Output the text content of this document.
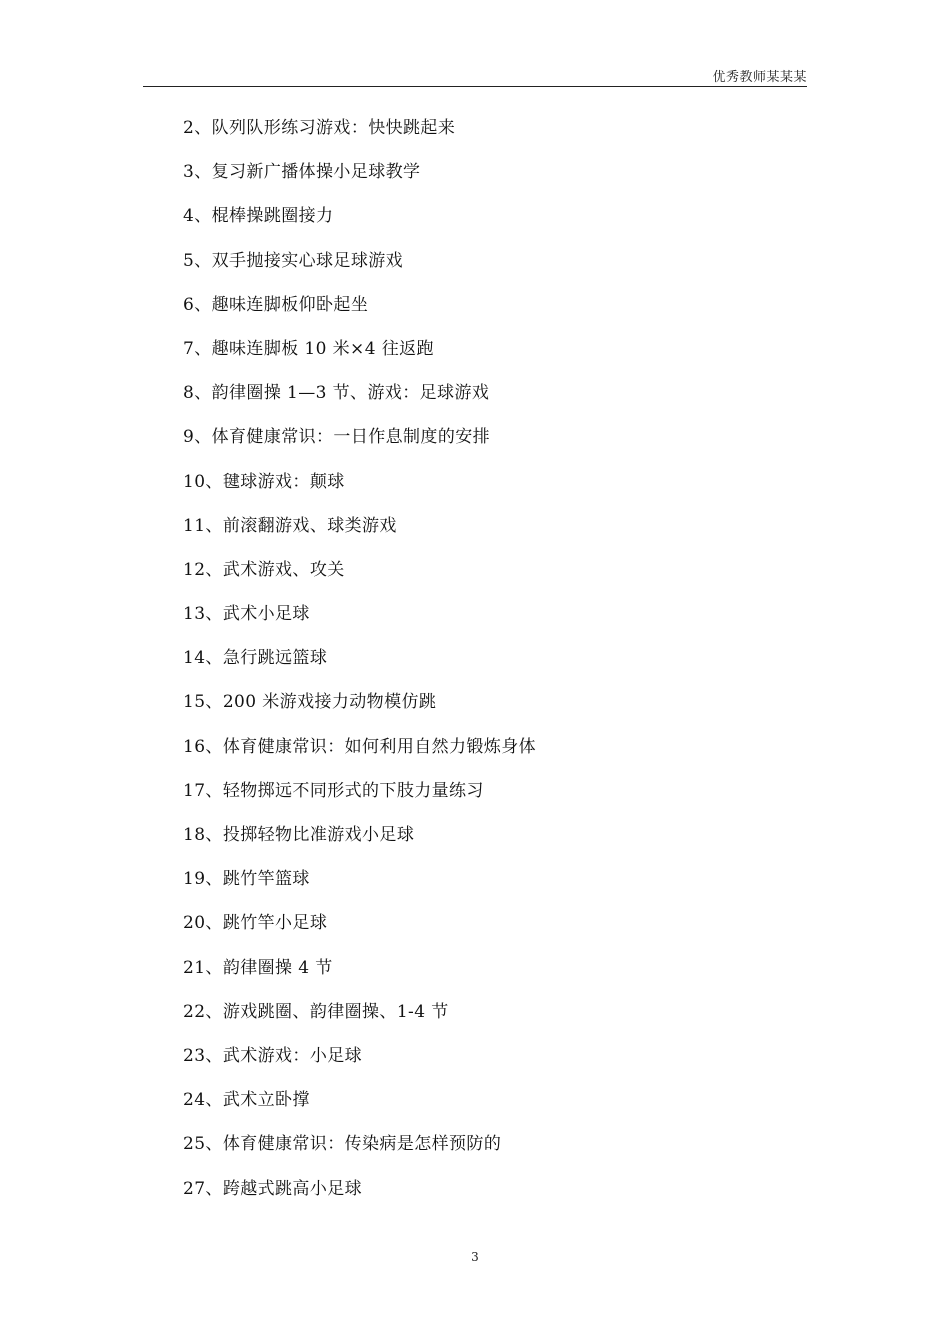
优秀教师某某某
2、队列队形练习游戏：快快跳起来
3、复习新广播体操小足球教学
4、棍棒操跳圈接力
5、双手抛接实心球足球游戏
6、趣味连脚板仰卧起坐
7、趣味连脚板 10 米×4 往返跑
8、韵律圈操 1—3 节、游戏：足球游戏
9、体育健康常识：一日作息制度的安排
10、毽球游戏：颠球
11、前滚翻游戏、球类游戏
12、武术游戏、攻关
13、武术小足球
14、急行跳远篮球
15、200 米游戏接力动物模仿跳
16、体育健康常识：如何利用自然力锻炼身体
17、轻物掷远不同形式的下肢力量练习
18、投掷轻物比准游戏小足球
19、跳竹竿篮球
20、跳竹竿小足球
21、韵律圈操 4 节
22、游戏跳圈、韵律圈操、1-4 节
23、武术游戏：小足球
24、武术立卧撑
25、体育健康常识：传染病是怎样预防的
27、跨越式跳高小足球
3
